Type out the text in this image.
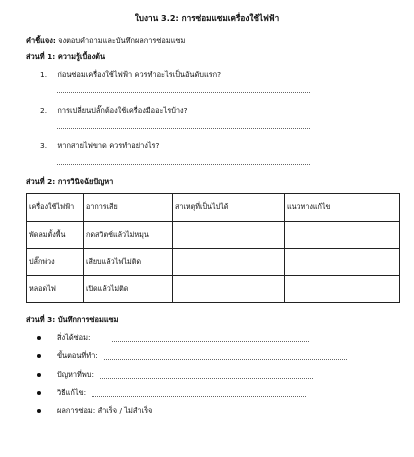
ใบงาน 3.2: การซ่อมแซมเครื่องใช้ไฟฟ้า
คำชี้แจง: จงตอบคำถามและบันทึกผลการซ่อมแซม
ส่วนที่ 1: ความรู้เบื้องต้น
1. ก่อนซ่อมเครื่องใช้ไฟฟ้า ควรทำอะไรเป็นอันดับแรก?
2. การเปลี่ยนปลั๊กต้องใช้เครื่องมืออะไรบ้าง?
3. หากสายไฟขาด ควรทำอย่างไร?
ส่วนที่ 2: การวินิจฉัยปัญหา
เครื่องใช้ไฟฟ้า	อาการเสีย	สาเหตุที่เป็นไปได้	แนวทางแก้ไข
พัดลมตั้งพื้น	กดสวิตช์แล้วไม่หมุน		
ปลั๊กพ่วง	เสียบแล้วไฟไม่ติด		
หลอดไฟ	เปิดแล้วไม่ติด		
ส่วนที่ 3: บันทึกการซ่อมแซม
สิ่งได้ซ่อม:
ขั้นตอนที่ทำ:
ปัญหาที่พบ:
วิธีแก้ไข:
ผลการซ่อม: สำเร็จ / ไม่สำเร็จ
